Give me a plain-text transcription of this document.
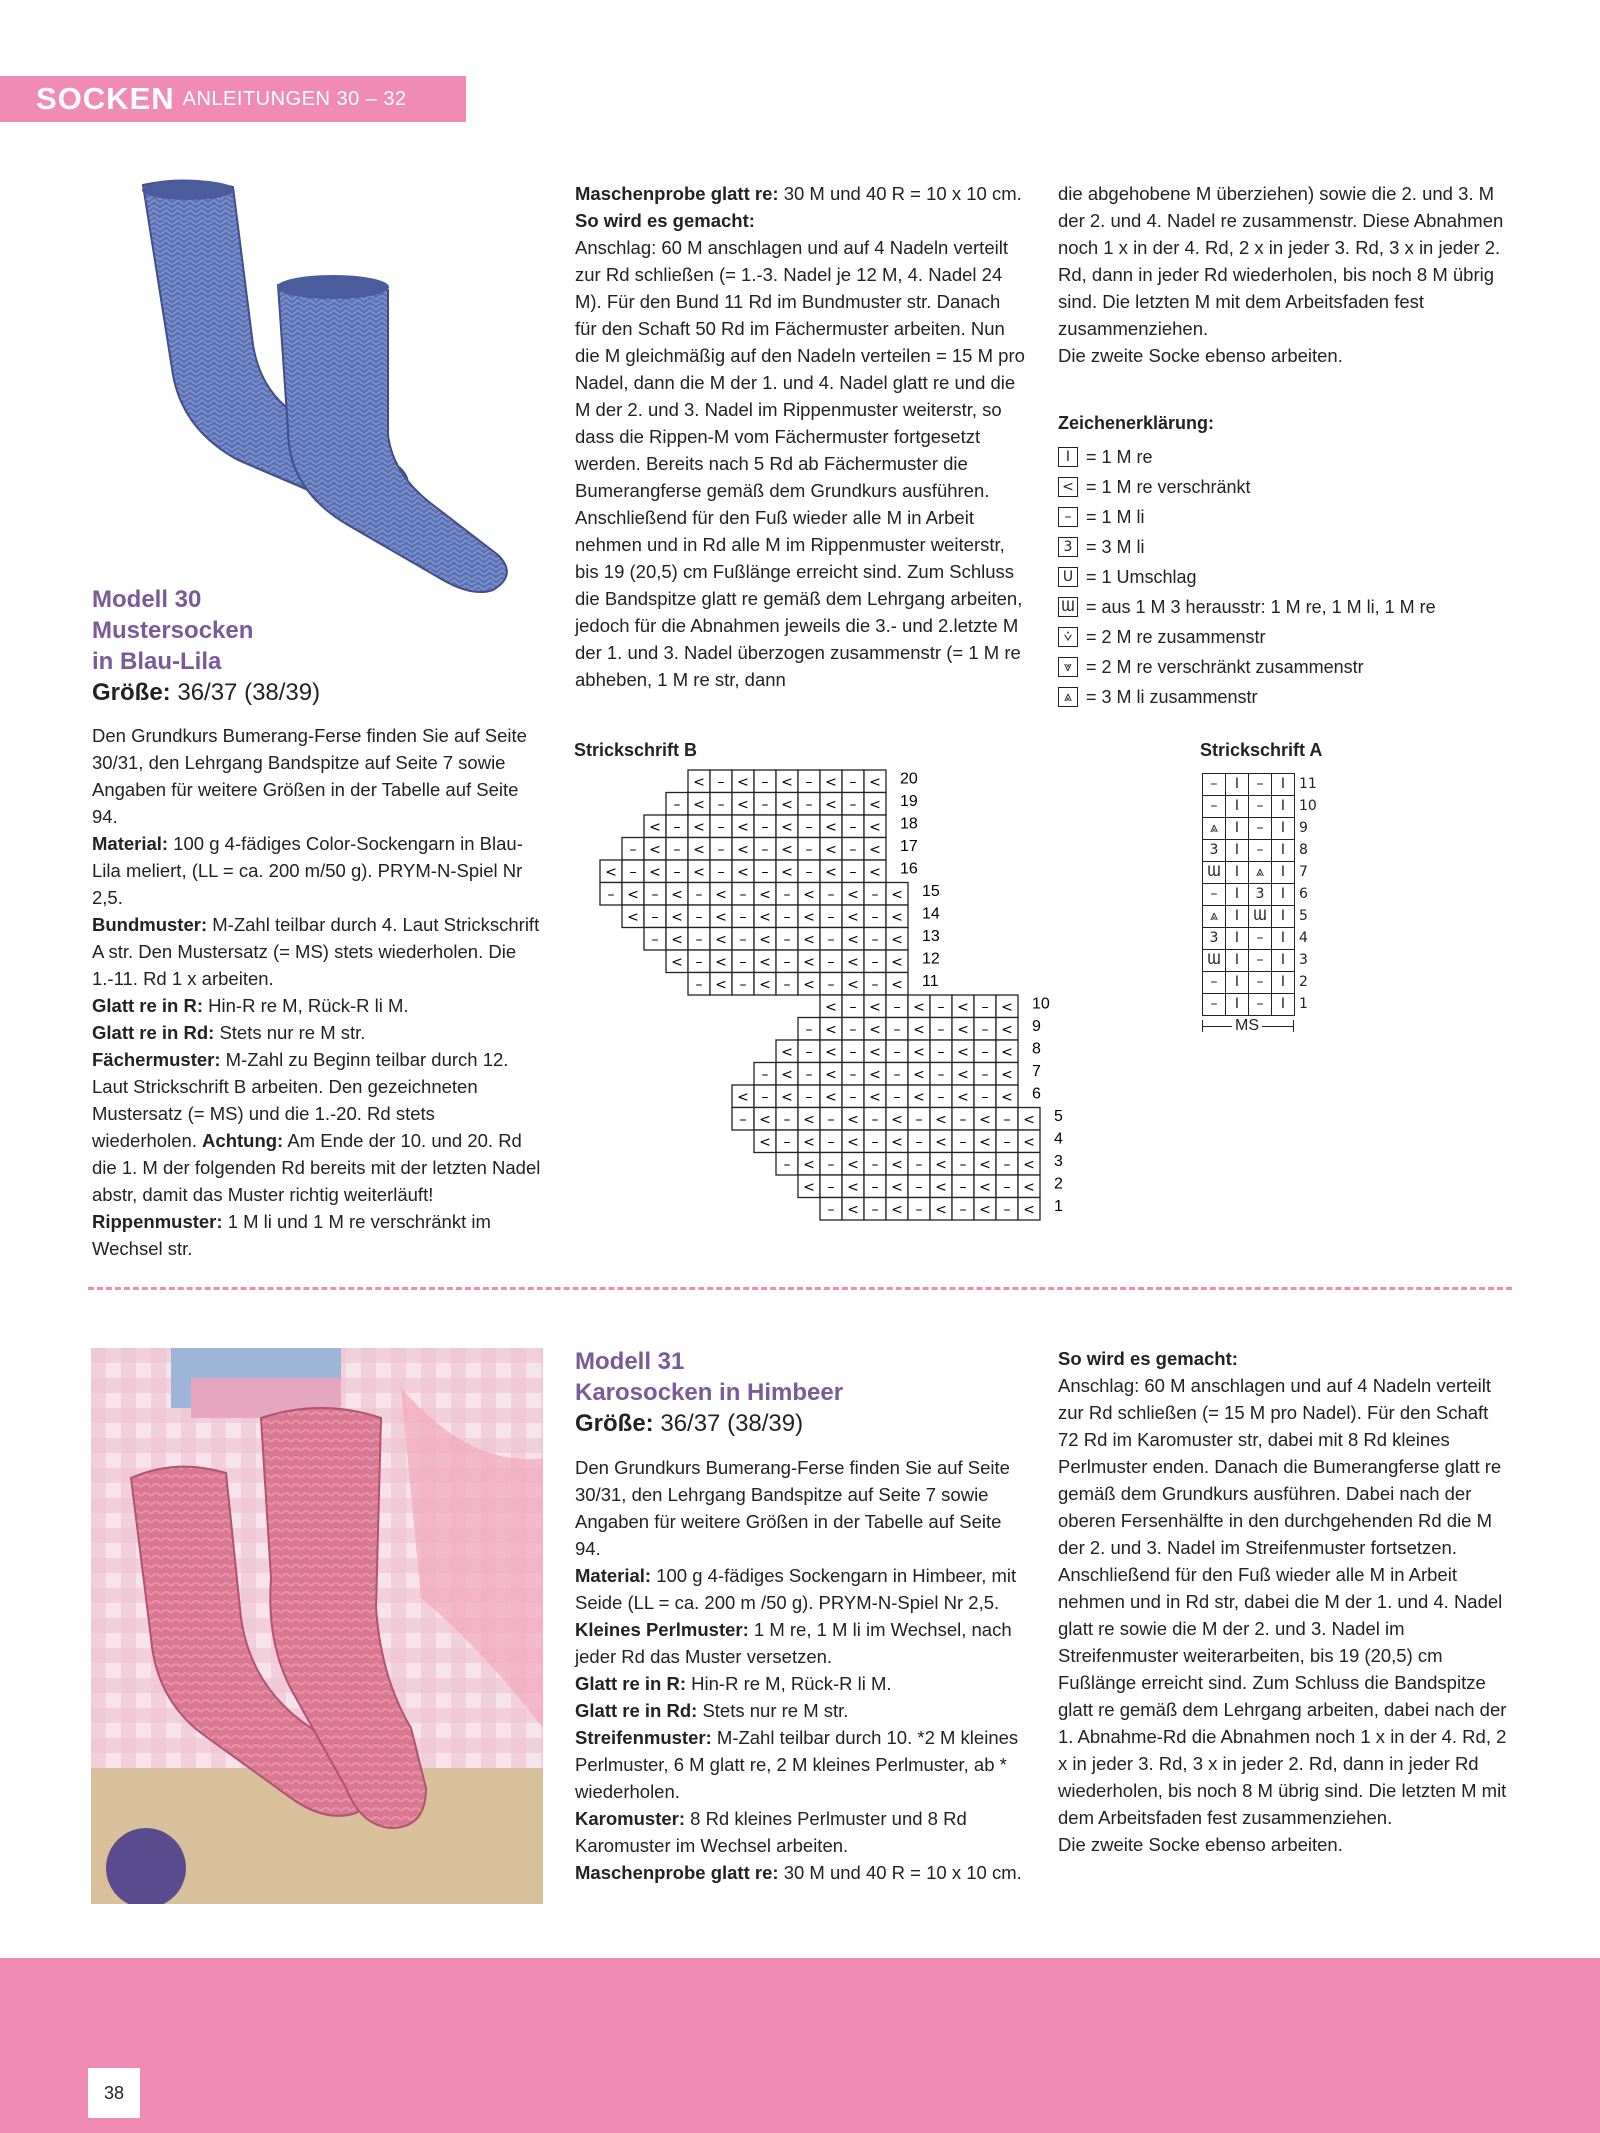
SOCKEN ANLEITUNGEN 30 – 32
Modell 30
Mustersocken
in Blau-Lila
Größe: 36/37 (38/39)

Den Grundkurs Bumerang-Ferse finden Sie auf Seite 30/31, den Lehrgang Bandspitze auf Seite 7 sowie Angaben für weitere Größen in der Tabelle auf Seite 94.

Material: 100 g 4-fädiges Color-Sockengarn in Blau-Lila meliert, (LL = ca. 200 m/50 g). PRYM-N-Spiel Nr 2,5.

Bundmuster: M-Zahl teilbar durch 4. Laut Strickschrift A str. Den Mustersatz (= MS) stets wiederholen. Die 1.-11. Rd 1 x arbeiten.

Glatt re in R: Hin-R re M, Rück-R li M.

Glatt re in Rd: Stets nur re M str.

Fächermuster: M-Zahl zu Beginn teilbar durch 12. Laut Strickschrift B arbeiten. Den gezeichneten Mustersatz (= MS) und die 1.-20. Rd stets wiederholen. Achtung: Am Ende der 10. und 20. Rd die 1. M der folgenden Rd bereits mit der letzten Nadel abstr, damit das Muster richtig weiterläuft!

Rippenmuster: 1 M li und 1 M re verschränkt im Wechsel str.

Maschenprobe glatt re: 30 M und 40 R = 10 x 10 cm.

So wird es gemacht:

Anschlag: 60 M anschlagen und auf 4 Nadeln verteilt zur Rd schließen (= 1.-3. Nadel je 12 M, 4. Nadel 24 M). Für den Bund 11 Rd im Bundmuster str. Danach für den Schaft 50 Rd im Fächermuster arbeiten. Nun die M gleichmäßig auf den Nadeln verteilen = 15 M pro Nadel, dann die M der 1. und 4. Nadel glatt re und die M der 2. und 3. Nadel im Rippenmuster weiterstr, so dass die Rippen-M vom Fächermuster fortgesetzt werden. Bereits nach 5 Rd ab Fächermuster die Bumerangferse gemäß dem Grundkurs ausführen. Anschließend für den Fuß wieder alle M in Arbeit nehmen und in Rd alle M im Rippenmuster weiterstr, bis 19 (20,5) cm Fußlänge erreicht sind. Zum Schluss die Bandspitze glatt re gemäß dem Lehrgang arbeiten, jedoch für die Abnahmen jeweils die 3.- und 2.letzte M der 1. und 3. Nadel überzogen zusammenstr (= 1 M re abheben, 1 M re str, dann

die abgehobene M überziehen) sowie die 2. und 3. M der 2. und 4. Nadel re zusammenstr. Diese Abnahmen noch 1 x in der 4. Rd, 2 x in jeder 3. Rd, 3 x in jeder 2. Rd, dann in jeder Rd wiederholen, bis noch 8 M übrig sind. Die letzten M mit dem Arbeitsfaden fest zusammenziehen.

Die zweite Socke ebenso arbeiten.

Zeichenerklärung:
I = 1 M re
< = 1 M re verschränkt
– = 1 M li
3 = 3 M li
U = 1 Umschlag
Ɯ = aus 1 M 3 herausstr: 1 M re, 1 M li, 1 M re
⩒ = 2 M re zusammenstr
⩔ = 2 M re verschränkt zusammenstr
⩓ = 3 M li zusammenstr
Strickschrift B
< – < – < – < – < 20
– < – < – < – < – < 19
< – < – < – < – < – < 18
– < – < – < – < – < – < 17
< – < – < – < – < – < – < 16
– < – < – < – < – < – < – < 15
< – < – < – < – < – < – < 14
– < – < – < – < – < – < 13
< – < – < – < – < – < 12
– < – < – < – < – < 11
< – < – < – < – < 10
– < – < – < – < – < 9
< – < – < – < – < – < 8
– < – < – < – < – < – < 7
< – < – < – < – < – < – < 6
– < – < – < – < – < – < – < 5
< – < – < – < – < – < – < 4
– < – < – < – < – < – < 3
< – < – < – < – < – < 2
– < – < – < – < – < 1
Strickschrift A
–	I	–	I	11
–	I	–	I	10
⩓	I	–	I	9
3	I	–	I	8
Ɯ	I	⩓	I	7
–	I	3	I	6
⩓	I	Ɯ	I	5
3	I	–	I	4
Ɯ	I	–	I	3
–	I	–	I	2
–	I	–	I	1
MS
Modell 31
Karosocken in Himbeer
Größe: 36/37 (38/39)

Den Grundkurs Bumerang-Ferse finden Sie auf Seite 30/31, den Lehrgang Bandspitze auf Seite 7 sowie Angaben für weitere Größen in der Tabelle auf Seite 94.

Material: 100 g 4-fädiges Sockengarn in Himbeer, mit Seide (LL = ca. 200 m /50 g). PRYM-N-Spiel Nr 2,5.

Kleines Perlmuster: 1 M re, 1 M li im Wechsel, nach jeder Rd das Muster versetzen.

Glatt re in R: Hin-R re M, Rück-R li M.

Glatt re in Rd: Stets nur re M str.

Streifenmuster: M-Zahl teilbar durch 10. *2 M kleines Perlmuster, 6 M glatt re, 2 M kleines Perlmuster, ab * wiederholen.

Karomuster: 8 Rd kleines Perlmuster und 8 Rd Karomuster im Wechsel arbeiten.

Maschenprobe glatt re: 30 M und 40 R = 10 x 10 cm.

So wird es gemacht:

Anschlag: 60 M anschlagen und auf 4 Nadeln verteilt zur Rd schließen (= 15 M pro Nadel). Für den Schaft 72 Rd im Karomuster str, dabei mit 8 Rd kleines Perlmuster enden. Danach die Bumerangferse glatt re gemäß dem Grundkurs ausführen. Dabei nach der oberen Fersenhälfte in den durchgehenden Rd die M der 2. und 3. Nadel im Streifenmuster fortsetzen. Anschließend für den Fuß wieder alle M in Arbeit nehmen und in Rd str, dabei die M der 1. und 4. Nadel glatt re sowie die M der 2. und 3. Nadel im Streifenmuster weiterarbeiten, bis 19 (20,5) cm Fußlänge erreicht sind. Zum Schluss die Bandspitze glatt re gemäß dem Lehrgang arbeiten, dabei nach der 1. Abnahme-Rd die Abnahmen noch 1 x in der 4. Rd, 2 x in jeder 3. Rd, 3 x in jeder 2. Rd, dann in jeder Rd wiederholen, bis noch 8 M übrig sind. Die letzten M mit dem Arbeitsfaden fest zusammenziehen.

Die zweite Socke ebenso arbeiten.

38
